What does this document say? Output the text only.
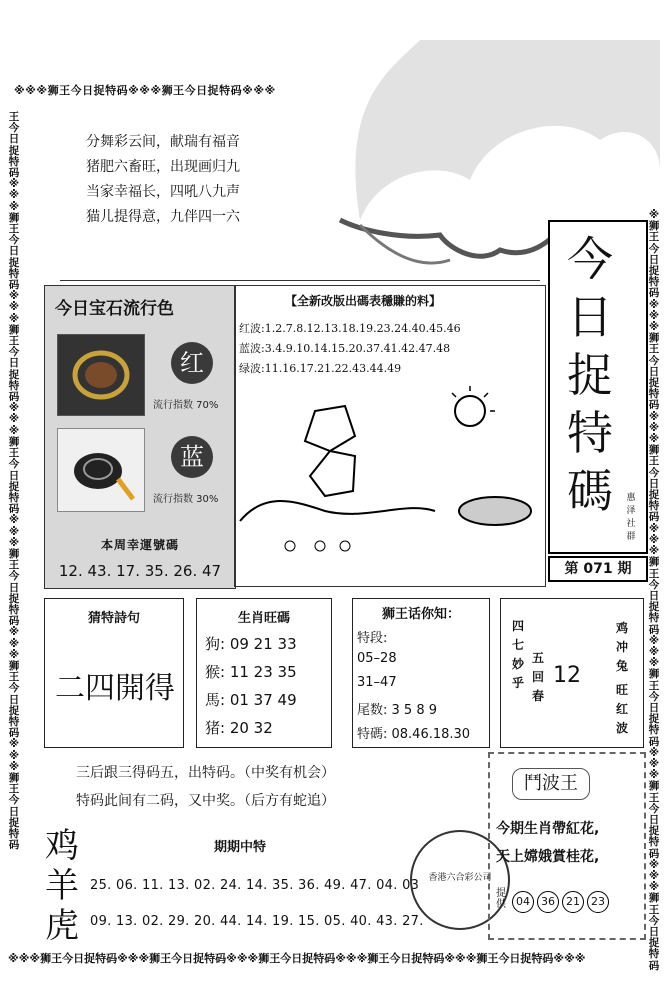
※※※狮王今日捉特码※※※狮王今日捉特码※※※
※※※狮王今日捉特码※※※狮王今日捉特码※※※狮王今日捉特码※※※狮王今日捉特码※※※狮王今日捉特码※※※
王今日捉特码※※※狮王今日捉特码※※※狮王今日捉特码※※※狮王今日捉特码※※※狮王今日捉特码※※※狮王今日捉特码※※※狮王今日捉特码
※狮王今日捉特码※※※狮王今日捉特码※※※狮王今日捉特码※※※狮王今日捉特码※※※狮王今日捉特码※※※狮王今日捉特码※※※狮王今日捉特码
分舞彩云间，献瑞有福音
猪肥六畜旺，出现画归九
当家幸福长，四吼八九声
猫儿提得意，九伴四一六
今
日
捉
特
碼	惠泽社群
第 071 期
今日宝石流行色
红
流行指数 70%
蓝
流行指数 30%
本周幸運號碼
12. 43. 17. 35. 26. 47
【全新改版出碼表穩賺的料】
红波:1.2.7.8.12.13.18.19.23.24.40.45.46
蓝波:3.4.9.10.14.15.20.37.41.42.47.48
绿波:11.16.17.21.22.43.44.49
猜特詩句
二四開得
生肖旺碼
狗: 09 21 33
猴: 11 23 35
馬: 01 37 49
猪: 20 32
狮王话你知：
特段:
05–28
31–47
尾数: 3 5 8 9
特碼: 08.46.18.30
四七妙乎
五回春
12
鸡冲兔
旺红波
三后跟三得码五，出特码。（中奖有机会）
特码此间有二码，又中奖。（后方有蛇追）
鸡
羊
虎
期期中特
25. 06. 11. 13. 02. 24. 14. 35. 36. 49. 47. 04. 03
09. 13. 02. 29. 20. 44. 14. 19. 15. 05. 40. 43. 27.
香港六合彩公司
鬥波王
今期生肖帶紅花,
天上嫦娥賞桂花,
提供 04 36 21 23
